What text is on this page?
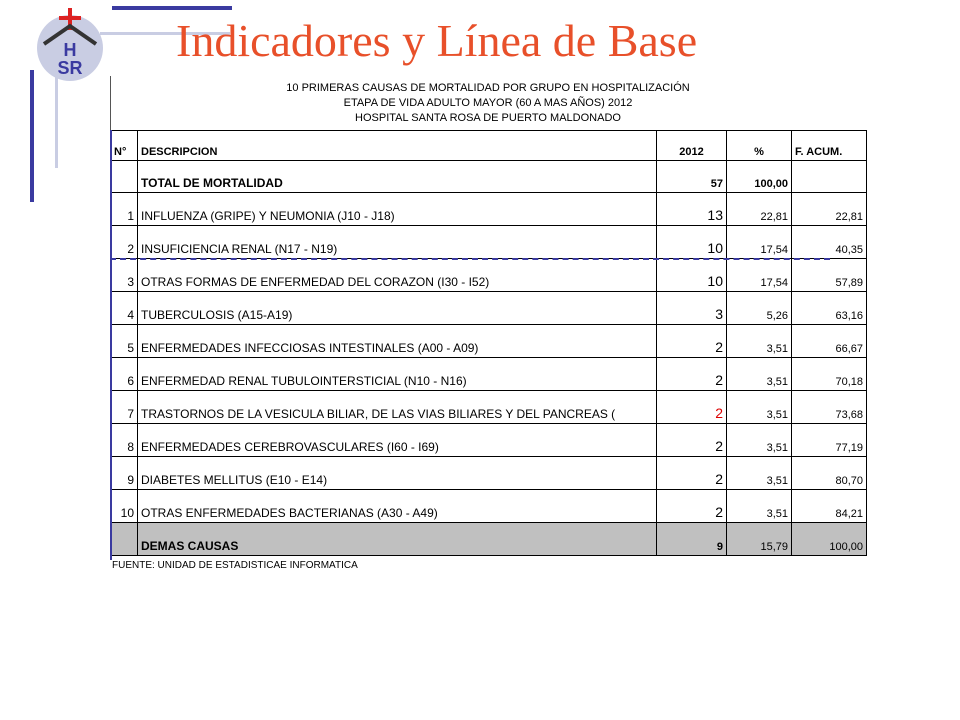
H
SR
Indicadores y Línea de Base
10 PRIMERAS CAUSAS DE MORTALIDAD POR GRUPO EN HOSPITALIZACIÓN
ETAPA DE VIDA ADULTO MAYOR (60 A MAS AÑOS) 2012
HOSPITAL SANTA ROSA DE PUERTO MALDONADO
N°	DESCRIPCION	2012	%	F. ACUM.
	TOTAL DE MORTALIDAD	57	100,00	
1	INFLUENZA (GRIPE) Y NEUMONIA (J10 - J18)	13	22,81	22,81
2	INSUFICIENCIA RENAL (N17 - N19)	10	17,54	40,35
3	OTRAS FORMAS DE ENFERMEDAD DEL CORAZON (I30 - I52)	10	17,54	57,89
4	TUBERCULOSIS (A15-A19)	3	5,26	63,16
5	ENFERMEDADES INFECCIOSAS INTESTINALES (A00 - A09)	2	3,51	66,67
6	ENFERMEDAD RENAL TUBULOINTERSTICIAL (N10 - N16)	2	3,51	70,18
7	TRASTORNOS DE LA VESICULA BILIAR, DE LAS VIAS BILIARES Y DEL PANCREAS (	2	3,51	73,68
8	ENFERMEDADES CEREBROVASCULARES (I60 - I69)	2	3,51	77,19
9	DIABETES MELLITUS (E10 - E14)	2	3,51	80,70
10	OTRAS ENFERMEDADES BACTERIANAS (A30 - A49)	2	3,51	84,21
	DEMAS CAUSAS	9	15,79	100,00
FUENTE: UNIDAD DE ESTADISTICAE INFORMATICA
